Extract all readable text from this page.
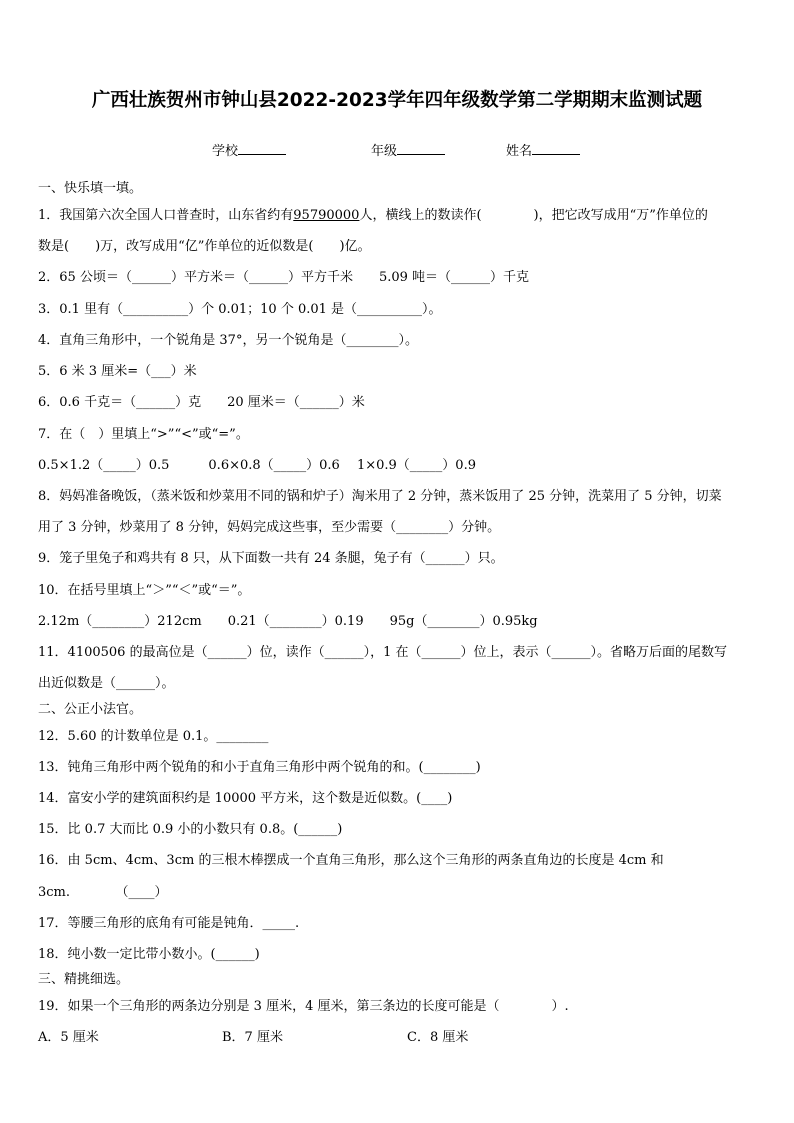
广西壮族贺州市钟山县2022-2023学年四年级数学第二学期期末监测试题
学校	年级	姓名
一、快乐填一填。
1．我国第六次全国人口普查时，山东省约有95790000人，横线上的数读作(　　　　)，把它改写成用“万”作单位的
数是(　　)万，改写成用“亿”作单位的近似数是(　　)亿。
2．65 公顷＝（______）平方米＝（______）平方千米　　5.09 吨＝（______）千克
3．0.1 里有（__________）个 0.01；10 个 0.01 是（__________）。
4．直角三角形中，一个锐角是 37°，另一个锐角是（________）。
5．6 米 3 厘米=（___）米
6．0.6 千克＝（______）克　　20 厘米＝（______）米
7．在（　）里填上“>”“<”或“=”。
0.5×1.2（_____）0.5　　　0.6×0.8（_____）0.6　 1×0.9（_____）0.9
8．妈妈准备晚饭，（蒸米饭和炒菜用不同的锅和炉子）淘米用了 2 分钟，蒸米饭用了 25 分钟，洗菜用了 5 分钟，切菜
用了 3 分钟，炒菜用了 8 分钟，妈妈完成这些事，至少需要（________）分钟。
9．笼子里兔子和鸡共有 8 只，从下面数一共有 24 条腿，兔子有（______）只。
10．在括号里填上“＞”“＜”或“＝”。
2.12m（________）212cm　　0.21（________）0.19　　95g（________）0.95kg
11．4100506 的最高位是（______）位，读作（______），1 在（______）位上，表示（______）。省略万后面的尾数写
出近似数是（______）。
二、公正小法官。
12．5.60 的计数单位是 0.1。________
13．钝角三角形中两个锐角的和小于直角三角形中两个锐角的和。(________)
14．富安小学的建筑面积约是 10000 平方米，这个数是近似数。(____)
15．比 0.7 大而比 0.9 小的小数只有 0.8。(______)
16．由 5cm、4cm、3cm 的三根木棒摆成一个直角三角形，那么这个三角形的两条直角边的长度是 4cm 和
3cm.　　　　（____）
17．等腰三角形的底角有可能是钝角．_____.
18．纯小数一定比带小数小。(______)
三、精挑细选。
19．如果一个三角形的两条边分别是 3 厘米，4 厘米，第三条边的长度可能是（　　　　）.
A．5 厘米	B．7 厘米	C．8 厘米
